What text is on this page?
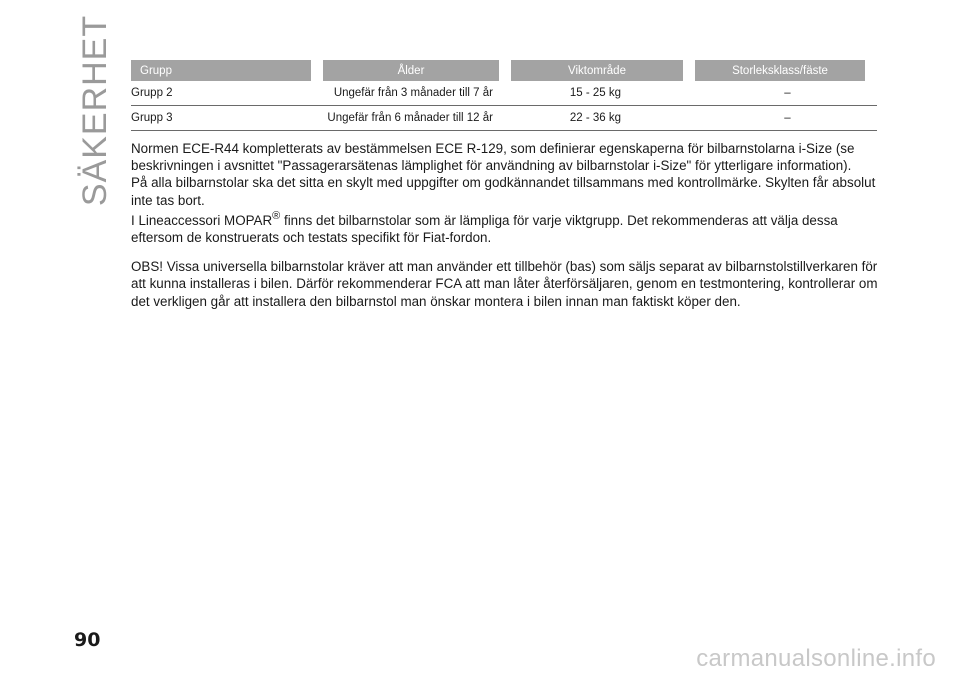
SÄKERHET	Grupp	Ålder	Viktområde	Storleksklass/fäste
Grupp 2	Ungefär från 3 månader till 7 år	15 - 25 kg	–
Grupp 3	Ungefär från 6 månader till 12 år	22 - 36 kg	–

Normen ECE-R44 kompletterats av bestämmelsen ECE R-129, som definierar egenskaperna för bilbarnstolarna i-Size (se beskrivningen i avsnittet "Passagerarsätenas lämplighet för användning av bilbarnstolar i-Size" för ytterligare information).

På alla bilbarnstolar ska det sitta en skylt med uppgifter om godkännandet tillsammans med kontrollmärke. Skylten får absolut inte tas bort.

I Lineaccessori MOPAR® finns det bilbarnstolar som är lämpliga för varje viktgrupp. Det rekommenderas att välja dessa eftersom de konstruerats och testats specifikt för Fiat-fordon.

OBS! Vissa universella bilbarnstolar kräver att man använder ett tillbehör (bas) som säljs separat av bilbarnstolstillverkaren för att kunna installeras i bilen. Därför rekommenderar FCA att man låter återförsäljaren, genom en testmontering, kontrollerar om det verkligen går att installera den bilbarnstol man önskar montera i bilen innan man faktiskt köper den.

90
carmanualsonline.info
